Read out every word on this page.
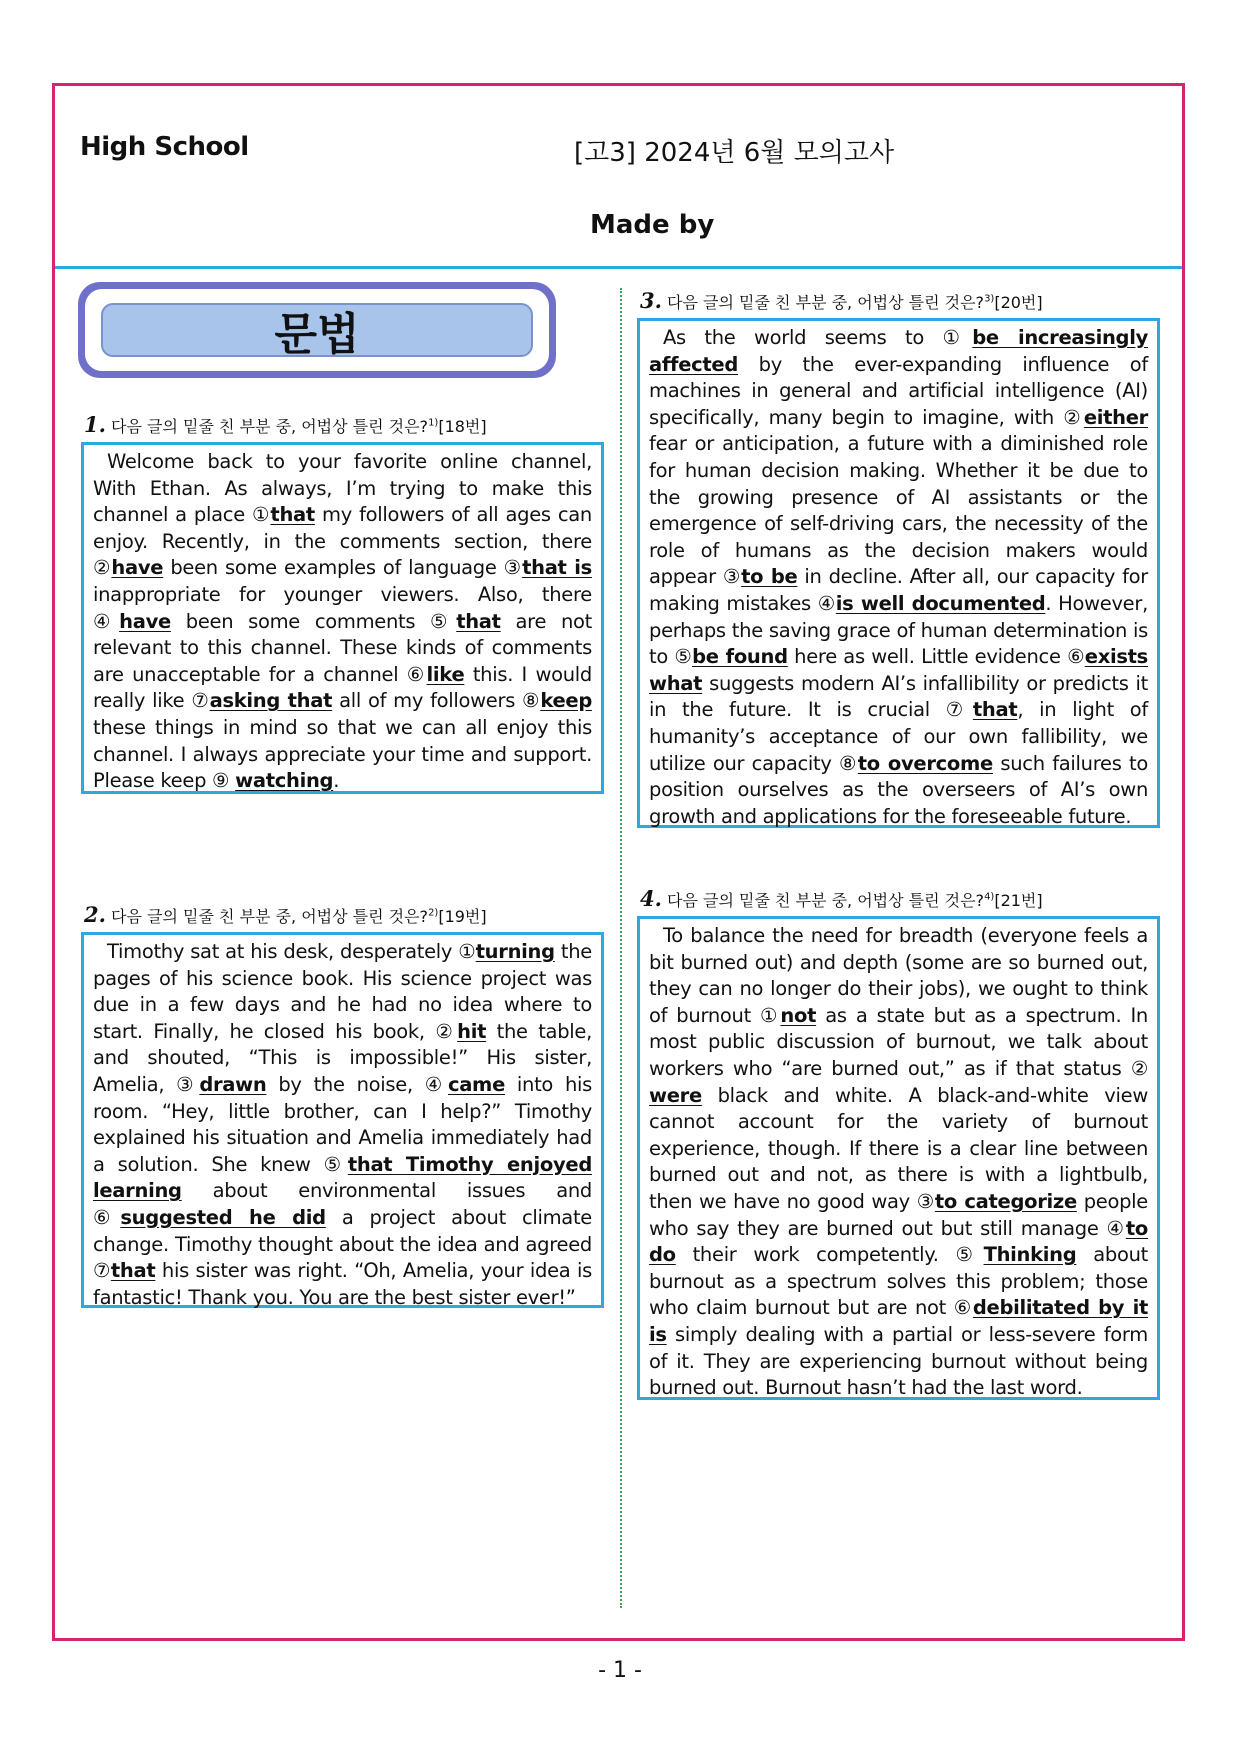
High School	[고3] 2024년 6월 모의고사
Made by
문법
1. 다음 글의 밑줄 친 부분 중, 어법상 틀린 것은?$^{1)}$[18번]
Welcome back to your favorite online channel, With Ethan. As always, I’m trying to make this channel a place ①that my followers of all ages can enjoy. Recently, in the comments section, there ②have been some examples of language ③that is inappropriate for younger viewers. Also, there ④have been some comments ⑤that are not relevant to this channel. These kinds of comments are unacceptable for a channel ⑥like this. I would really like ⑦asking that all of my followers ⑧keep these things in mind so that we can all enjoy this channel. I always appreciate your time and support. Please keep ⑨ watching.
2. 다음 글의 밑줄 친 부분 중, 어법상 틀린 것은?$^{2)}$[19번]
Timothy sat at his desk, desperately ①turning the pages of his science book. His science project was due in a few days and he had no idea where to start. Finally, he closed his book, ②hit the table, and shouted, “This is impossible!” His sister, Amelia, ③drawn by the noise, ④came into his room. “Hey, little brother, can I help?” Timothy explained his situation and Amelia immediately had a solution. She knew ⑤that Timothy enjoyed learning about environmental issues and ⑥suggested he did a project about climate change. Timothy thought about the idea and agreed ⑦that his sister was right. “Oh, Amelia, your idea is fantastic! Thank you. You are the best sister ever!”
3. 다음 글의 밑줄 친 부분 중, 어법상 틀린 것은?$^{3)}$[20번]
As the world seems to ①be increasingly affected by the ever-expanding influence of machines in general and artificial intelligence (AI) specifically, many begin to imagine, with ②either fear or anticipation, a future with a diminished role for human decision making. Whether it be due to the growing presence of AI assistants or the emergence of self-driving cars, the necessity of the role of humans as the decision makers would appear ③to be in decline. After all, our capacity for making mistakes ④is well documented. However, perhaps the saving grace of human determination is to ⑤be found here as well. Little evidence ⑥exists what suggests modern AI’s infallibility or predicts it in the future. It is crucial ⑦that, in light of humanity’s acceptance of our own fallibility, we utilize our capacity ⑧to overcome such failures to position ourselves as the overseers of AI’s own growth and applications for the foreseeable future.
4. 다음 글의 밑줄 친 부분 중, 어법상 틀린 것은?$^{4)}$[21번]
To balance the need for breadth (everyone feels a bit burned out) and depth (some are so burned out, they can no longer do their jobs), we ought to think of burnout ①not as a state but as a spectrum. In most public discussion of burnout, we talk about workers who “are burned out,” as if that status ② were black and white. A black-and-white view cannot account for the variety of burnout experience, though. If there is a clear line between burned out and not, as there is with a lightbulb, then we have no good way ③to categorize people who say they are burned out but still manage ④to do their work competently. ⑤Thinking about burnout as a spectrum solves this problem; those who claim burnout but are not ⑥debilitated by it is simply dealing with a partial or less-severe form of it. They are experiencing burnout without being burned out. Burnout hasn’t had the last word.
- 1 -
